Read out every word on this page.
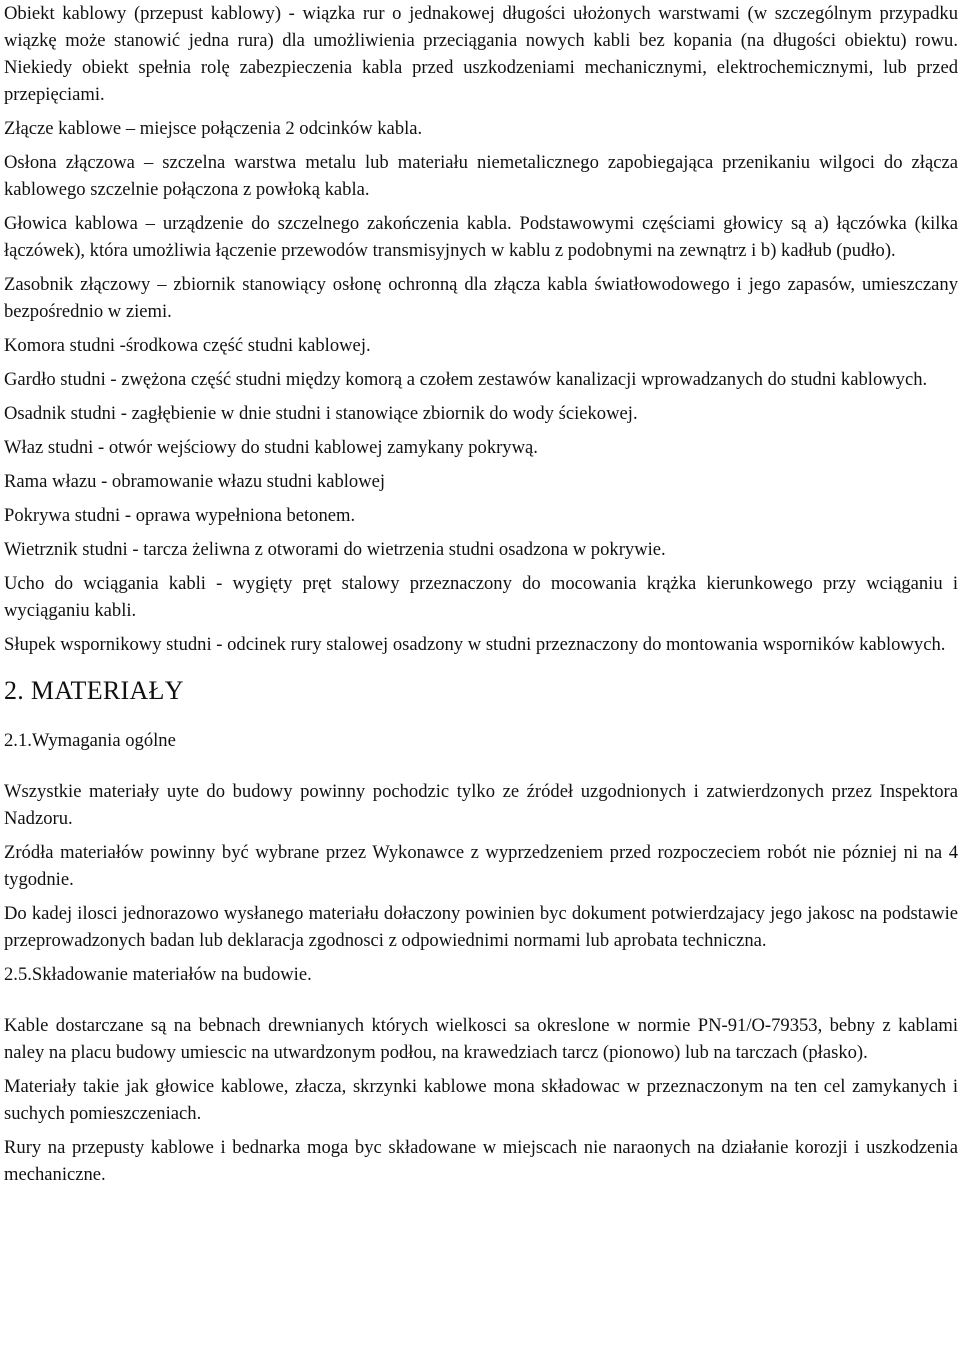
Obiekt kablowy (przepust kablowy) - wiązka rur o jednakowej długości ułożonych warstwami (w szczególnym przypadku wiązkę może stanowić jedna rura) dla umożliwienia przeciągania nowych kabli bez kopania (na długości obiektu) rowu. Niekiedy obiekt spełnia rolę zabezpieczenia kabla przed uszkodzeniami mechanicznymi, elektrochemicznymi, lub przed przepięciami.

Złącze kablowe – miejsce połączenia 2 odcinków kabla.

Osłona złączowa – szczelna warstwa metalu lub materiału niemetalicznego zapobiegająca przenikaniu wilgoci do złącza kablowego szczelnie połączona z powłoką kabla.

Głowica kablowa – urządzenie do szczelnego zakończenia kabla. Podstawowymi częściami głowicy są a) łączówka (kilka łączówek), która umożliwia łączenie przewodów transmisyjnych w kablu z podobnymi na zewnątrz i b) kadłub (pudło).

Zasobnik złączowy – zbiornik stanowiący osłonę ochronną dla złącza kabla światłowodowego i jego zapasów, umieszczany bezpośrednio w ziemi.

Komora studni -środkowa część studni kablowej.

Gardło studni - zwężona część studni między komorą a czołem zestawów kanalizacji wprowadzanych do studni kablowych.

Osadnik studni - zagłębienie w dnie studni i stanowiące zbiornik do wody ściekowej.

Właz studni - otwór wejściowy do studni kablowej zamykany pokrywą.

Rama włazu - obramowanie włazu studni kablowej

Pokrywa studni - oprawa wypełniona betonem.

Wietrznik studni - tarcza żeliwna z otworami do wietrzenia studni osadzona w pokrywie.

Ucho do wciągania kabli - wygięty pręt stalowy przeznaczony do mocowania krążka kierunkowego przy wciąganiu i wyciąganiu kabli.

Słupek wspornikowy studni - odcinek rury stalowej osadzony w studni przeznaczony do montowania wsporników kablowych.

2. MATERIAŁY
2.1.Wymagania ogólne

Wszystkie materiały uyte do budowy powinny pochodzic tylko ze źródeł uzgodnionych i zatwierdzonych przez Inspektora Nadzoru.

Zródła materiałów powinny być wybrane przez Wykonawce z wyprzedzeniem przed rozpoczeciem robót nie pózniej ni na 4 tygodnie.

Do kadej ilosci jednorazowo wysłanego materiału dołaczony powinien byc dokument potwierdzajacy jego jakosc na podstawie przeprowadzonych badan lub deklaracja zgodnosci z odpowiednimi normami lub aprobata techniczna.

2.5.Składowanie materiałów na budowie.

Kable dostarczane są na bebnach drewnianych których wielkosci sa okreslone w normie PN-91/O-79353, bebny z kablami naley na placu budowy umiescic na utwardzonym podłou, na krawedziach tarcz (pionowo) lub na tarczach (płasko).

Materiały takie jak głowice kablowe, złacza, skrzynki kablowe mona składowac w przeznaczonym na ten cel zamykanych i suchych pomieszczeniach.

Rury na przepusty kablowe i bednarka moga byc składowane w miejscach nie naraonych na działanie korozji i uszkodzenia mechaniczne.
